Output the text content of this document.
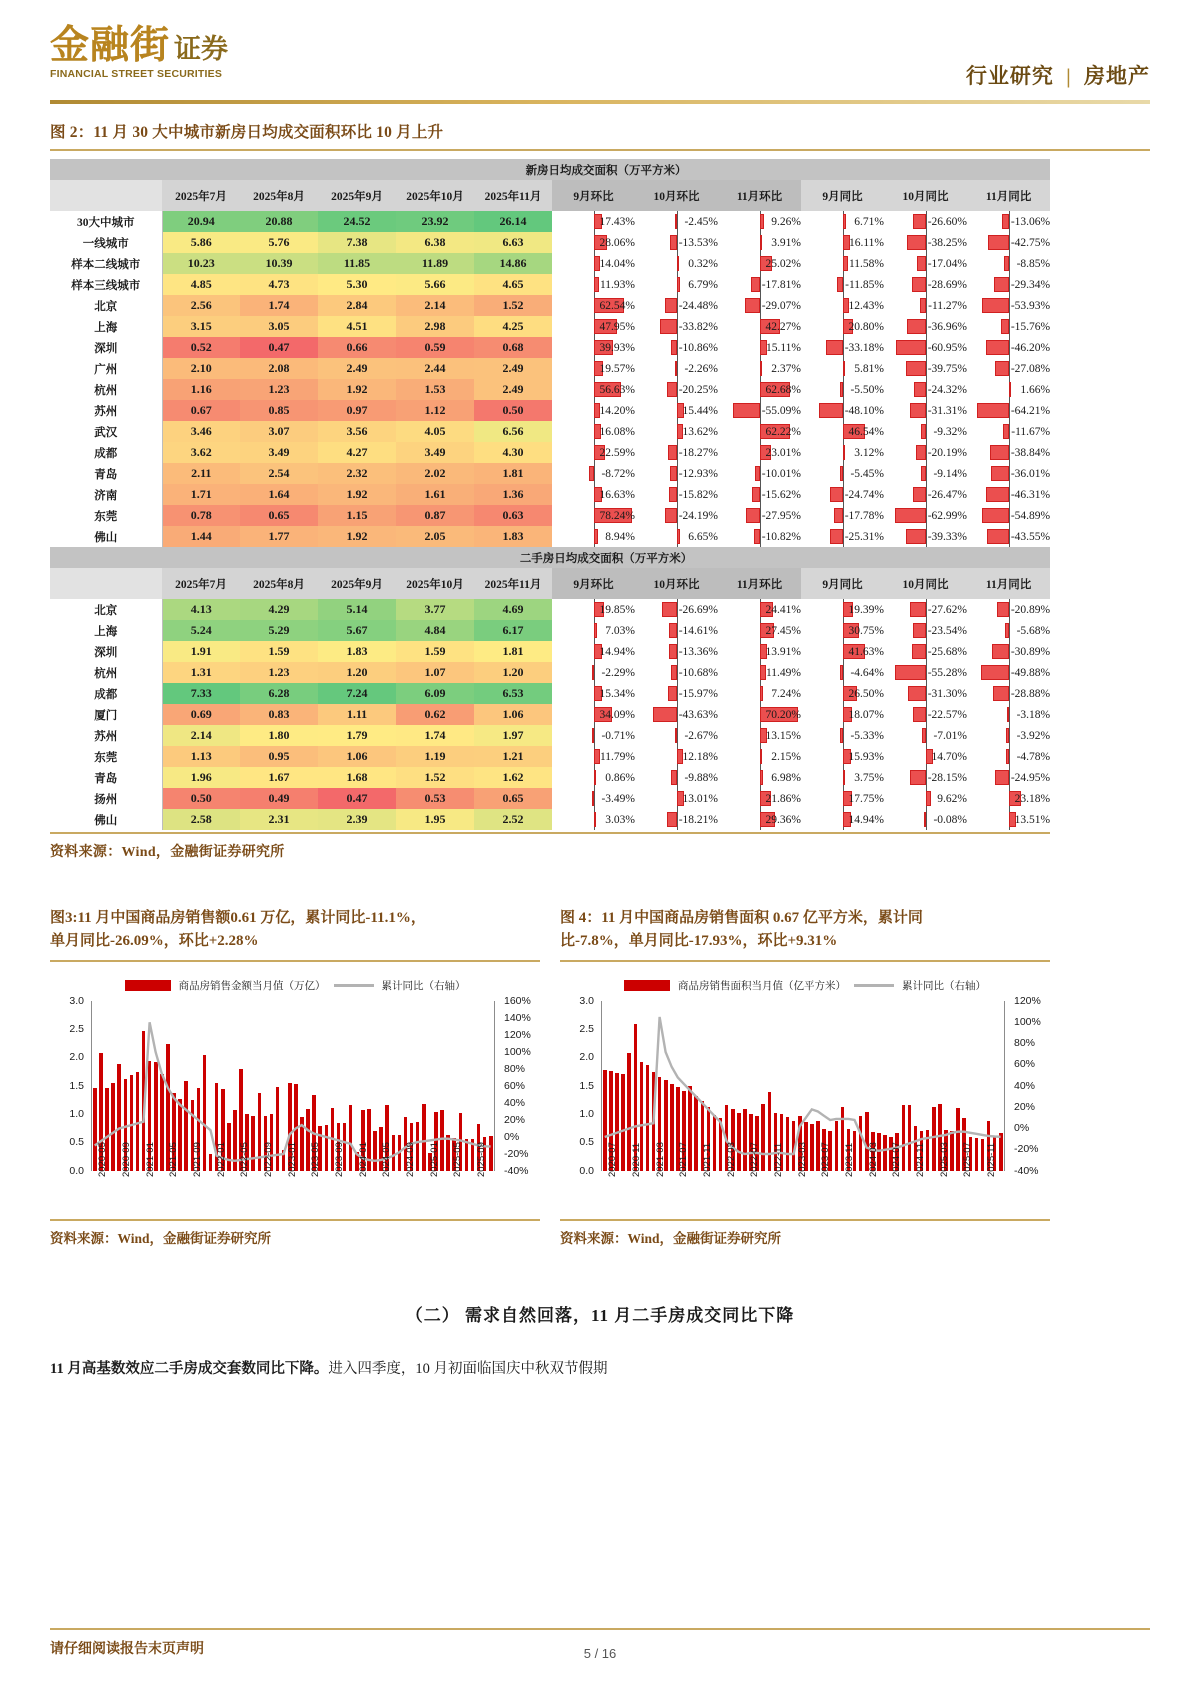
金融街 证券
FINANCIAL STREET SECURITIES	行业研究 | 房地产
图 2：11 月 30 大中城市新房日均成交面积环比 10 月上升
	新房日均成交面积（万平方米）										
	2025年7月	2025年8月	2025年9月	2025年10月	2025年11月	9月环比	10月环比	11月环比	9月同比	10月同比	11月同比
30大中城市	20.94	20.88	24.52	23.92	26.14	17.43%	-2.45%	9.26%	6.71%	-26.60%	-13.06%
一线城市	5.86	5.76	7.38	6.38	6.63	28.06%	-13.53%	3.91%	16.11%	-38.25%	-42.75%
样本二线城市	10.23	10.39	11.85	11.89	14.86	14.04%	0.32%	25.02%	11.58%	-17.04%	-8.85%
样本三线城市	4.85	4.73	5.30	5.66	4.65	11.93%	6.79%	-17.81%	-11.85%	-28.69%	-29.34%
北京	2.56	1.74	2.84	2.14	1.52	62.54%	-24.48%	-29.07%	12.43%	-11.27%	-53.93%
上海	3.15	3.05	4.51	2.98	4.25	47.95%	-33.82%	42.27%	20.80%	-36.96%	-15.76%
深圳	0.52	0.47	0.66	0.59	0.68	39.93%	-10.86%	15.11%	-33.18%	-60.95%	-46.20%
广州	2.10	2.08	2.49	2.44	2.49	19.57%	-2.26%	2.37%	5.81%	-39.75%	-27.08%
杭州	1.16	1.23	1.92	1.53	2.49	56.63%	-20.25%	62.68%	-5.50%	-24.32%	1.66%
苏州	0.67	0.85	0.97	1.12	0.50	14.20%	15.44%	-55.09%	-48.10%	-31.31%	-64.21%
武汉	3.46	3.07	3.56	4.05	6.56	16.08%	13.62%	62.22%	46.54%	-9.32%	-11.67%
成都	3.62	3.49	4.27	3.49	4.30	22.59%	-18.27%	23.01%	3.12%	-20.19%	-38.84%
青岛	2.11	2.54	2.32	2.02	1.81	-8.72%	-12.93%	-10.01%	-5.45%	-9.14%	-36.01%
济南	1.71	1.64	1.92	1.61	1.36	16.63%	-15.82%	-15.62%	-24.74%	-26.47%	-46.31%
东莞	0.78	0.65	1.15	0.87	0.63	78.24%	-24.19%	-27.95%	-17.78%	-62.99%	-54.89%
佛山	1.44	1.77	1.92	2.05	1.83	8.94%	6.65%	-10.82%	-25.31%	-39.33%	-43.55%
	二手房日均成交面积（万平方米）										
	2025年7月	2025年8月	2025年9月	2025年10月	2025年11月	9月环比	10月环比	11月环比	9月同比	10月同比	11月同比
北京	4.13	4.29	5.14	3.77	4.69	19.85%	-26.69%	24.41%	19.39%	-27.62%	-20.89%
上海	5.24	5.29	5.67	4.84	6.17	7.03%	-14.61%	27.45%	30.75%	-23.54%	-5.68%
深圳	1.91	1.59	1.83	1.59	1.81	14.94%	-13.36%	13.91%	41.63%	-25.68%	-30.89%
杭州	1.31	1.23	1.20	1.07	1.20	-2.29%	-10.68%	11.49%	-4.64%	-55.28%	-49.88%
成都	7.33	6.28	7.24	6.09	6.53	15.34%	-15.97%	7.24%	26.50%	-31.30%	-28.88%
厦门	0.69	0.83	1.11	0.62	1.06	34.09%	-43.63%	70.20%	18.07%	-22.57%	-3.18%
苏州	2.14	1.80	1.79	1.74	1.97	-0.71%	-2.67%	13.15%	-5.33%	-7.01%	-3.92%
东莞	1.13	0.95	1.06	1.19	1.21	11.79%	12.18%	2.15%	15.93%	14.70%	-4.78%
青岛	1.96	1.67	1.68	1.52	1.62	0.86%	-9.88%	6.98%	3.75%	-28.15%	-24.95%
扬州	0.50	0.49	0.47	0.53	0.65	-3.49%	13.01%	21.86%	17.75%	9.62%	23.18%
佛山	2.58	2.31	2.39	1.95	2.52	3.03%	-18.21%	29.36%	14.94%	-0.08%	13.51%
资料来源：Wind，金融街证券研究所
图3:11 月中国商品房销售额0.61 万亿，累计同比-11.1%，
单月同比-26.09%，环比+2.28%
商品房销售金额当月值（万亿）	累计同比（右轴）
0.0
0.5
1.0
1.5
2.0
2.5
3.0
-40%
-20%
0%
20%
40%
60%
80%
100%
120%
140%
160%
2020-05 2020-09 2021-01 2021-05 2021-09 2022-01 2022-05 2022-09 2023-01 2023-05 2023-09 2024-01 2024-05 2024-09 2025-01 2025-05 2025-09
资料来源：Wind，金融街证券研究所
图 4：11 月中国商品房销售面积 0.67 亿平方米，累计同
比-7.8%，单月同比-17.93%，环比+9.31%
商品房销售面积当月值（亿平方米）	累计同比（右轴）
0.0
0.5
1.0
1.5
2.0
2.5
3.0
-40%
-20%
0%
20%
40%
60%
80%
100%
120%
2020-07 2020-11 2021-03 2021-07 2021-11 2022-03 2022-07 2022-11 2023-03 2023-07 2023-11 2024-03 2024-07 2024-11 2025-03 2025-07 2025-11
资料来源：Wind，金融街证券研究所
（二） 需求自然回落，11 月二手房成交同比下降
11 月高基数效应二手房成交套数同比下降。进入四季度，10 月初面临国庆中秋双节假期
请仔细阅读报告末页声明	5 / 16
